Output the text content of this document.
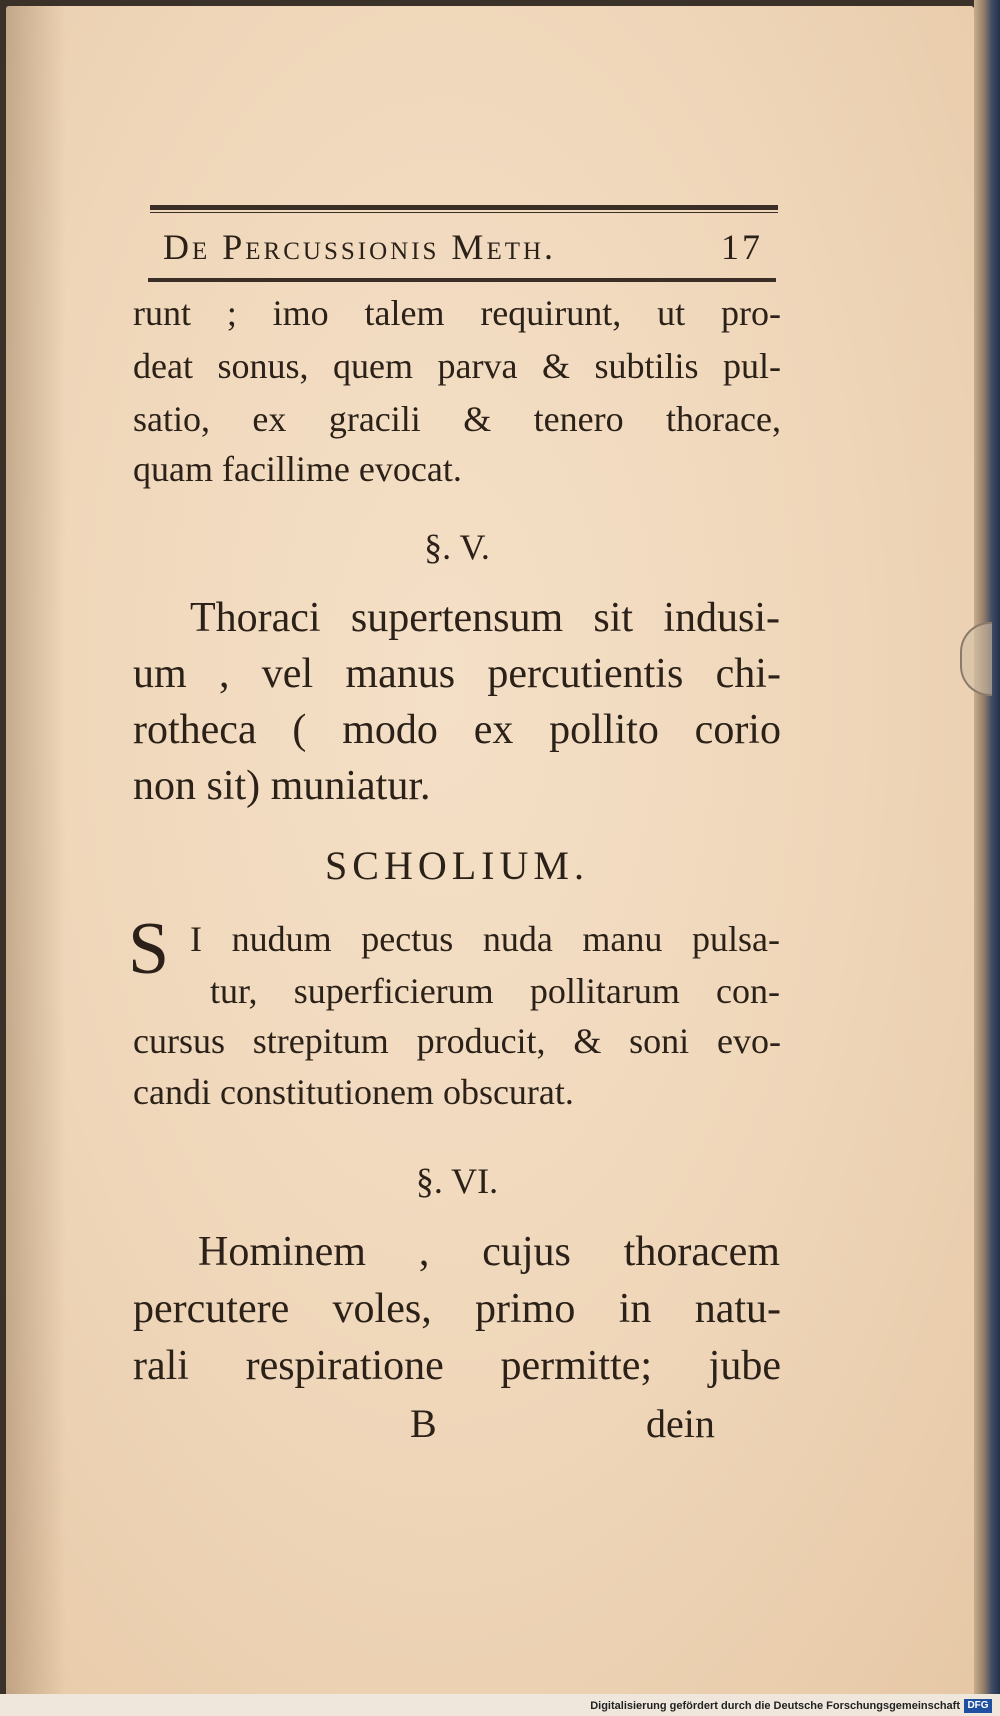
De Percussionis Meth.	17
runt ; imo talem requirunt, ut pro-
deat sonus, quem parva & subtilis pul-
satio, ex gracili & tenero thorace,
quam facillime evocat.
§. V.
Thoraci supertensum sit indusi-
um , vel manus percutientis chi-
rotheca ( modo ex pollito corio
non sit) muniatur.
SCHOLIUM.
S I nudum pectus nuda manu pulsa-
tur, superficierum pollitarum con-
cursus strepitum producit, & soni evo-
candi constitutionem obscurat.
§. VI.
Hominem , cujus thoracem
percutere voles, primo in natu-
rali respiratione permitte; jube
B	dein
Digitalisierung gefördert durch die Deutsche Forschungsgemeinschaft DFG
